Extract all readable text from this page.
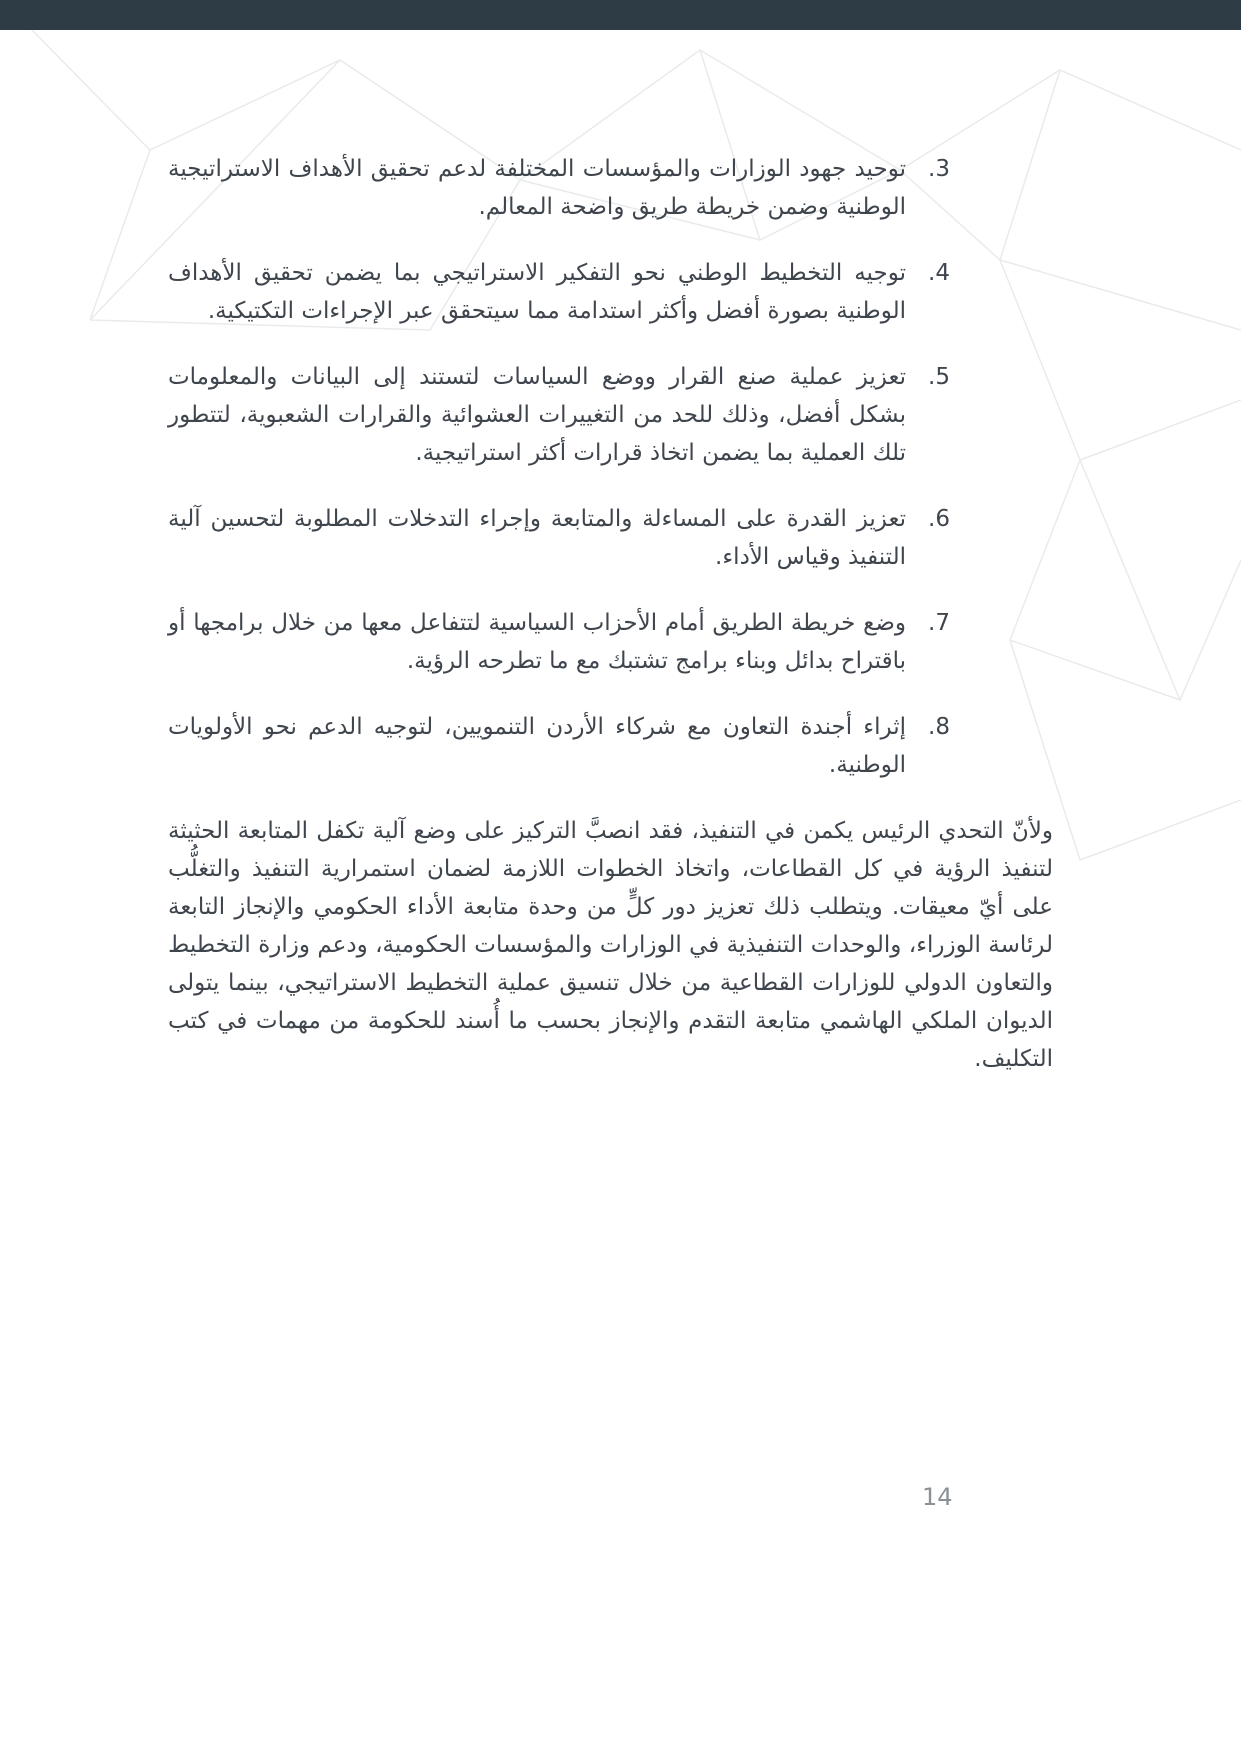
3.

توحيد جهود الوزارات والمؤسسات المختلفة لدعم تحقيق الأهداف الاستراتيجية الوطنية وضمن خريطة طريق واضحة المعالم.

4.

توجيه التخطيط الوطني نحو التفكير الاستراتيجي بما يضمن تحقيق الأهداف الوطنية بصورة أفضل وأكثر استدامة مما سيتحقق عبر الإجراءات التكتيكية.

5.

تعزيز عملية صنع القرار ووضع السياسات لتستند إلى البيانات والمعلومات بشكل أفضل، وذلك للحد من التغييرات العشوائية والقرارات الشعبوية، لتتطور تلك العملية بما يضمن اتخاذ قرارات أكثر استراتيجية.

6.

تعزيز القدرة على المساءلة والمتابعة وإجراء التدخلات المطلوبة لتحسين آلية التنفيذ وقياس الأداء.

7.

وضع خريطة الطريق أمام الأحزاب السياسية لتتفاعل معها من خلال برامجها أو باقتراح بدائل وبناء برامج تشتبك مع ما تطرحه الرؤية.

8.

إثراء أجندة التعاون مع شركاء الأردن التنمويين، لتوجيه الدعم نحو الأولويات الوطنية.

ولأنّ التحدي الرئيس يكمن في التنفيذ، فقد انصبَّ التركيز على وضع آلية تكفل المتابعة الحثيثة لتنفيذ الرؤية في كل القطاعات، واتخاذ الخطوات اللازمة لضمان استمرارية التنفيذ والتغلُّب على أيّ معيقات. ويتطلب ذلك تعزيز دور كلٍّ من وحدة متابعة الأداء الحكومي والإنجاز التابعة لرئاسة الوزراء، والوحدات التنفيذية في الوزارات والمؤسسات الحكومية، ودعم وزارة التخطيط والتعاون الدولي للوزارات القطاعية من خلال تنسيق عملية التخطيط الاستراتيجي، بينما يتولى الديوان الملكي الهاشمي متابعة التقدم والإنجاز بحسب ما أُسند للحكومة من مهمات في كتب التكليف.

14
